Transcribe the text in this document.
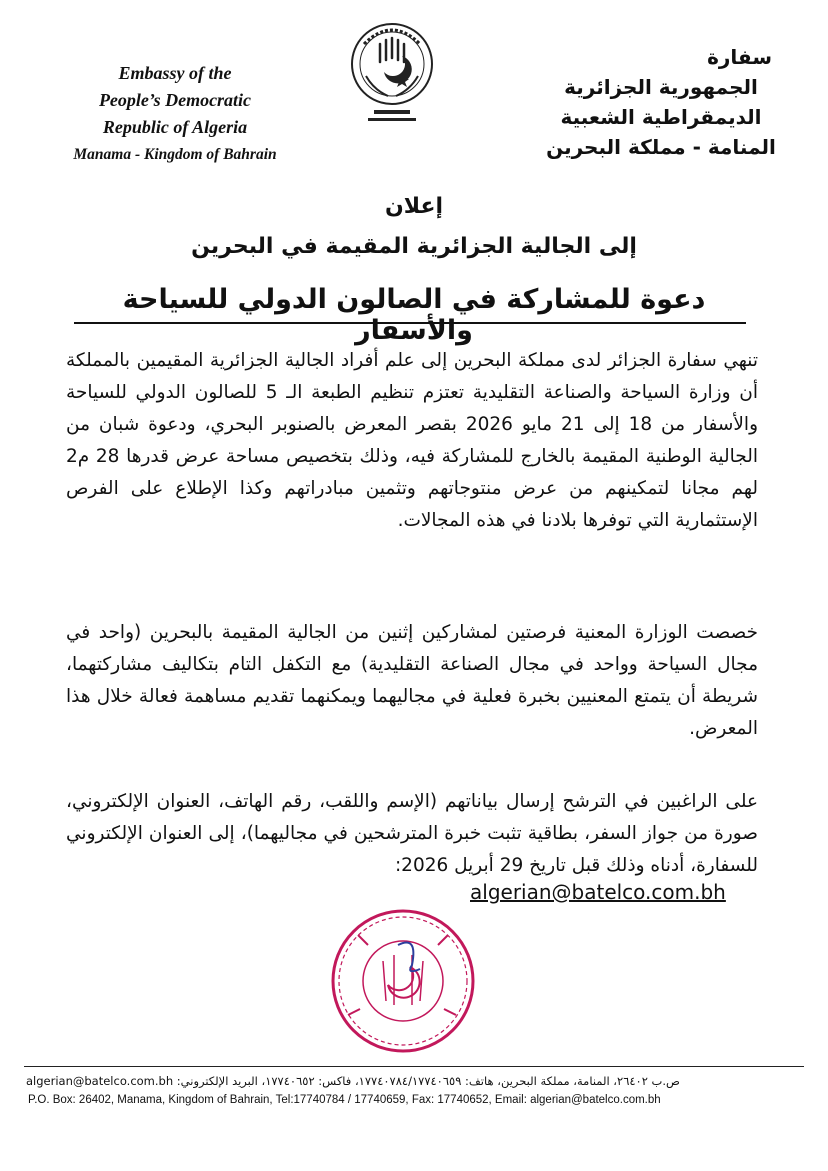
Embassy of the
People’s Democratic
Republic of Algeria
Manama - Kingdom of Bahrain
سفارة
الجمهورية الجزائرية
الديمقراطية الشعبية
المنامة - مملكة البحرين
إعلان
إلى الجالية الجزائرية المقيمة في البحرين
دعوة للمشاركة في الصالون الدولي للسياحة والأسفار
تنهي سفارة الجزائر لدى مملكة البحرين إلى علم أفراد الجالية الجزائرية المقيمين بالمملكة أن وزارة السياحة والصناعة التقليدية تعتزم تنظيم الطبعة الـ 5 للصالون الدولي للسياحة والأسفار من 18 إلى 21 مايو 2026 بقصر المعرض بالصنوبر البحري، ودعوة شبان من الجالية الوطنية المقيمة بالخارج للمشاركة فيه، وذلك بتخصيص مساحة عرض قدرها 28 م2 لهم مجانا لتمكينهم من عرض منتوجاتهم وتثمين مبادراتهم وكذا الإطلاع على الفرص الإستثمارية التي توفرها بلادنا في هذه المجالات.
خصصت الوزارة المعنية فرصتين لمشاركين إثنين من الجالية المقيمة بالبحرين (واحد في مجال السياحة وواحد في مجال الصناعة التقليدية) مع التكفل التام بتكاليف مشاركتهما، شريطة أن يتمتع المعنيين بخبرة فعلية في مجاليهما ويمكنهما تقديم مساهمة فعالة خلال هذا المعرض.
على الراغبين في الترشح إرسال بياناتهم (الإسم واللقب، رقم الهاتف، العنوان الإلكتروني، صورة من جواز السفر، بطاقية تثبت خبرة المترشحين في مجاليهما)، إلى العنوان الإلكتروني للسفارة، أدناه وذلك قبل تاريخ 29 أبريل 2026:
algerian@batelco.com.bh
ص.ب ٢٦٤٠٢، المنامة، مملكة البحرين، هاتف: ١٧٧٤٠٧٨٤/١٧٧٤٠٦٥٩، فاكس: ١٧٧٤٠٦٥٢، البريد الإلكتروني: algerian@batelco.com.bh
P.O. Box: 26402, Manama, Kingdom of Bahrain, Tel:17740784 / 17740659, Fax: 17740652, Email: algerian@batelco.com.bh
